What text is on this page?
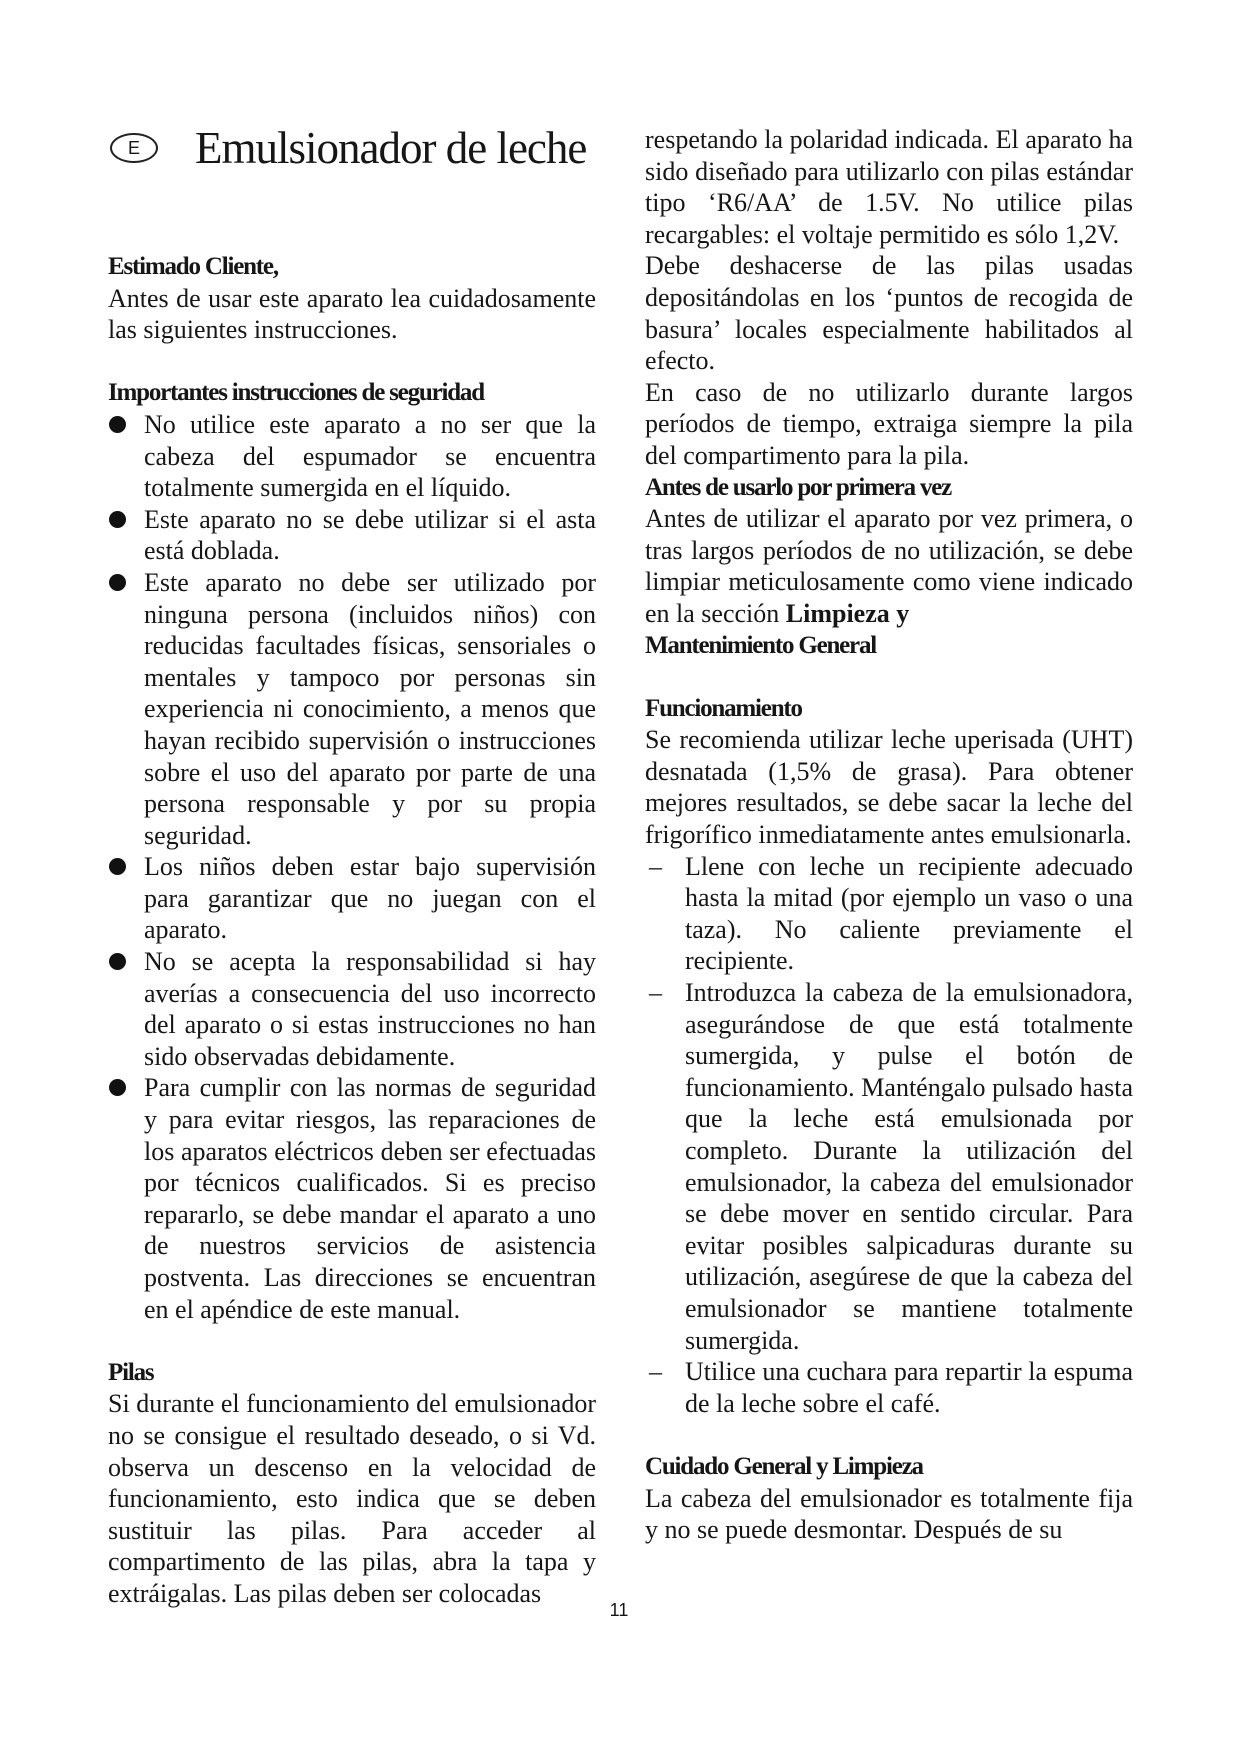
E	Emulsionador de leche

Estimado Cliente,

Antes de usar este aparato lea cuidadosamente las siguientes instrucciones.

Importantes instrucciones de seguridad

No utilice este aparato a no ser que la cabeza del espumador se encuentra totalmente sumergida en el líquido.
Este aparato no se debe utilizar si el asta está doblada.
Este aparato no debe ser utilizado por ninguna persona (incluidos niños) con reducidas facultades físicas, sensoriales o mentales y tampoco por personas sin experiencia ni conocimiento, a menos que hayan recibido supervisión o instrucciones sobre el uso del aparato por parte de una persona responsable y por su propia seguridad.
Los niños deben estar bajo supervisión para garantizar que no juegan con el aparato.
No se acepta la responsabilidad si hay averías a consecuencia del uso incorrecto del aparato o si estas instrucciones no han sido observadas debidamente.
Para cumplir con las normas de seguridad y para evitar riesgos, las reparaciones de los aparatos eléctricos deben ser efectuadas por técnicos cualificados. Si es preciso repararlo, se debe mandar el aparato a uno de nuestros servicios de asistencia postventa. Las direcciones se encuentran en el apéndice de este manual.

Pilas

Si durante el funcionamiento del emulsionador no se consigue el resultado deseado, o si Vd. observa un descenso en la velocidad de funcionamiento, esto indica que se deben sustituir las pilas. Para acceder al compartimento de las pilas, abra la tapa y extráigalas. Las pilas deben ser colocadas

respetando la polaridad indicada. El aparato ha sido diseñado para utilizarlo con pilas estándar tipo ‘R6/AA’ de 1.5V. No utilice pilas recargables: el voltaje permitido es sólo 1,2V.

Debe deshacerse de las pilas usadas depositándolas en los ‘puntos de recogida de basura’ locales especialmente habilitados al efecto.

En caso de no utilizarlo durante largos períodos de tiempo, extraiga siempre la pila del compartimento para la pila.

Antes de usarlo por primera vez

Antes de utilizar el aparato por vez primera, o tras largos períodos de no utilización, se debe limpiar meticulosamente como viene indicado en la sección Limpieza y

Mantenimiento General

Funcionamiento

Se recomienda utilizar leche uperisada (UHT) desnatada (1,5% de grasa). Para obtener mejores resultados, se debe sacar la leche del frigorífico inmediatamente antes emulsionarla.

– Llene con leche un recipiente adecuado hasta la mitad (por ejemplo un vaso o una taza). No caliente previamente el recipiente.
– Introduzca la cabeza de la emulsionadora, asegurándose de que está totalmente sumergida, y pulse el botón de funcionamiento. Manténgalo pulsado hasta que la leche está emulsionada por completo. Durante la utilización del emulsionador, la cabeza del emulsionador se debe mover en sentido circular. Para evitar posibles salpicaduras durante su utilización, asegúrese de que la cabeza del emulsionador se mantiene totalmente sumergida.
– Utilice una cuchara para repartir la espuma de la leche sobre el café.

Cuidado General y Limpieza

La cabeza del emulsionador es totalmente fija y no se puede desmontar. Después de su

11
